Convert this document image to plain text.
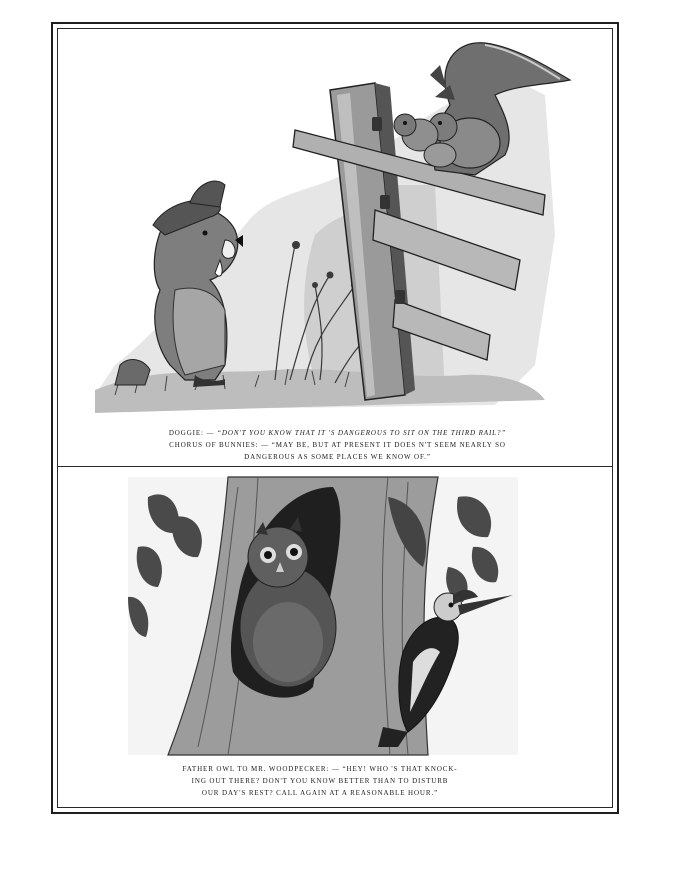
DOGGIE: — “DON'T YOU KNOW THAT IT 'S DANGEROUS TO SIT ON THE THIRD RAIL?”
CHORUS OF BUNNIES: — “MAY BE, BUT AT PRESENT IT DOES N'T SEEM NEARLY SO
DANGEROUS AS SOME PLACES WE KNOW OF.”
FATHER OWL TO MR. WOODPECKER: — “HEY! WHO 'S THAT KNOCK-
ING OUT THERE? DON'T YOU KNOW BETTER THAN TO DISTURB
OUR DAY'S REST? CALL AGAIN AT A REASONABLE HOUR.”
